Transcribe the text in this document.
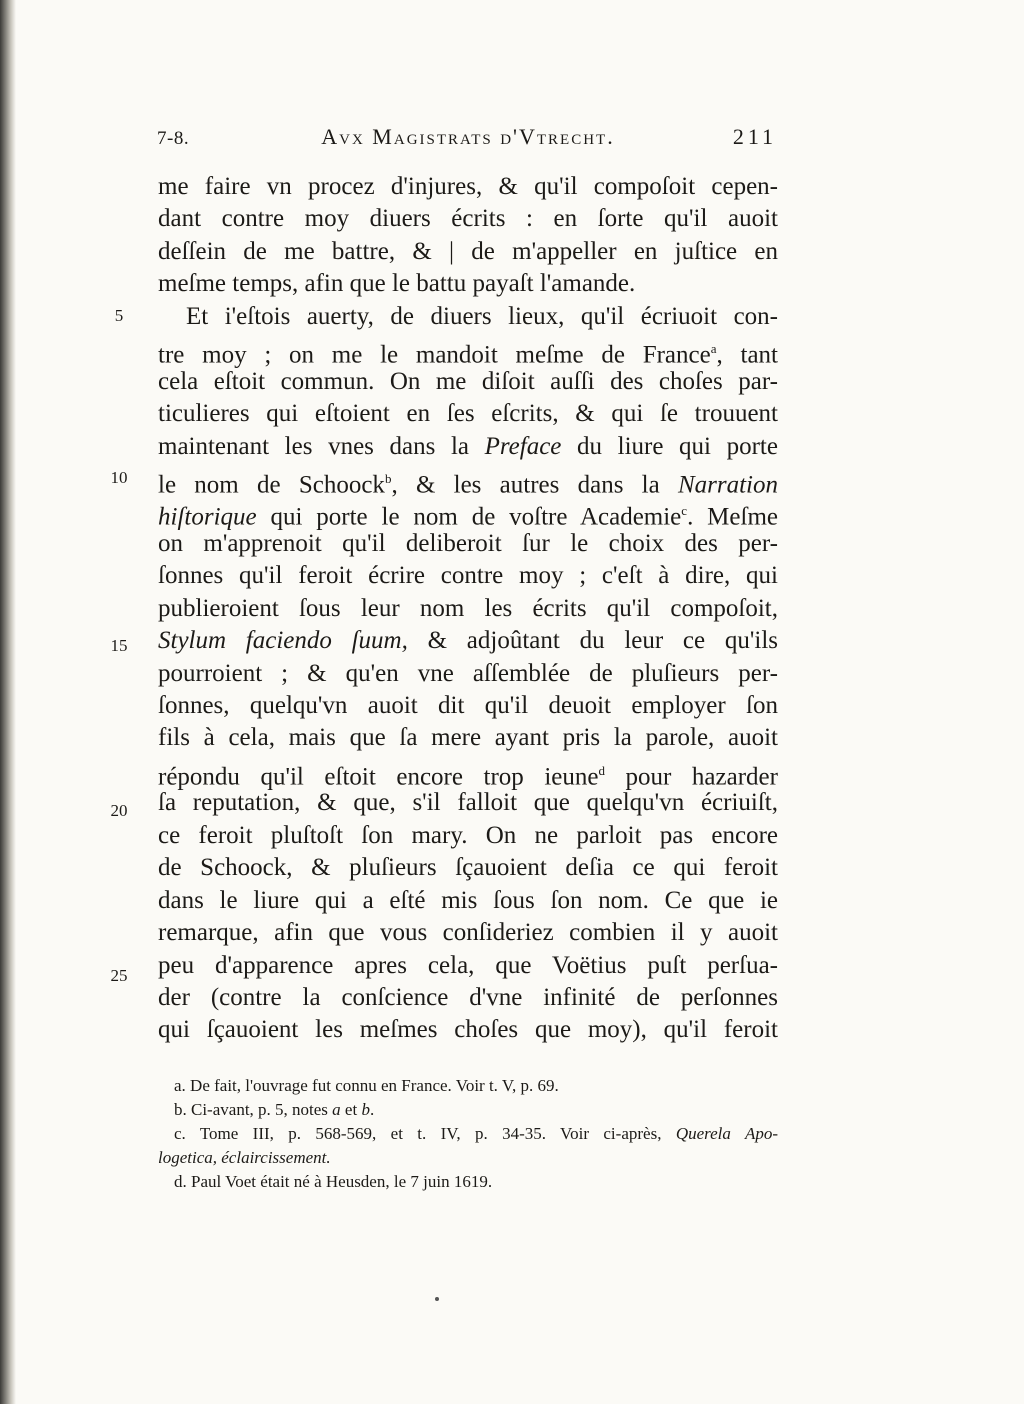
7-8.	Avx Magistrats d'Vtrecht.	211
5
10
15
20
25
me faire vn procez d'injures, & qu'il compoſoit cepen-
dant contre moy diuers écrits : en ſorte qu'il auoit
deſſein de me battre, & | de m'appeller en juſtice en
meſme temps, afin que le battu payaſt l'amande.
Et i'eſtois auerty, de diuers lieux, qu'il écriuoit con-
tre moy ; on me le mandoit meſme de France$^a$, tant
cela eſtoit commun. On me diſoit auſſi des choſes par-
ticulieres qui eſtoient en ſes eſcrits, & qui ſe trouuent
maintenant les vnes dans la Preface du liure qui porte
le nom de Schoock$^b$, & les autres dans la Narration
hiſtorique qui porte le nom de voſtre Academie$^c$. Meſme
on m'apprenoit qu'il deliberoit ſur le choix des per-
ſonnes qu'il feroit écrire contre moy ; c'eſt à dire, qui
publieroient ſous leur nom les écrits qu'il compoſoit,
Stylum faciendo ſuum, & adjoûtant du leur ce qu'ils
pourroient ; & qu'en vne aſſemblée de pluſieurs per-
ſonnes, quelqu'vn auoit dit qu'il deuoit employer ſon
fils à cela, mais que ſa mere ayant pris la parole, auoit
répondu qu'il eſtoit encore trop ieune$^d$ pour hazarder
ſa reputation, & que, s'il falloit que quelqu'vn écriuiſt,
ce feroit pluſtoſt ſon mary. On ne parloit pas encore
de Schoock, & pluſieurs ſçauoient deſia ce qui feroit
dans le liure qui a eſté mis ſous ſon nom. Ce que ie
remarque, afin que vous conſideriez combien il y auoit
peu d'apparence apres cela, que Voëtius puſt perſua-
der (contre la conſcience d'vne infinité de perſonnes
qui ſçauoient les meſmes choſes que moy), qu'il feroit
a. De fait, l'ouvrage fut connu en France. Voir t. V, p. 69.
b. Ci-avant, p. 5, notes a et b.
c. Tome III, p. 568-569, et t. IV, p. 34-35. Voir ci-après, Querela Apo-
logetica, éclaircissement.
d. Paul Voet était né à Heusden, le 7 juin 1619.
